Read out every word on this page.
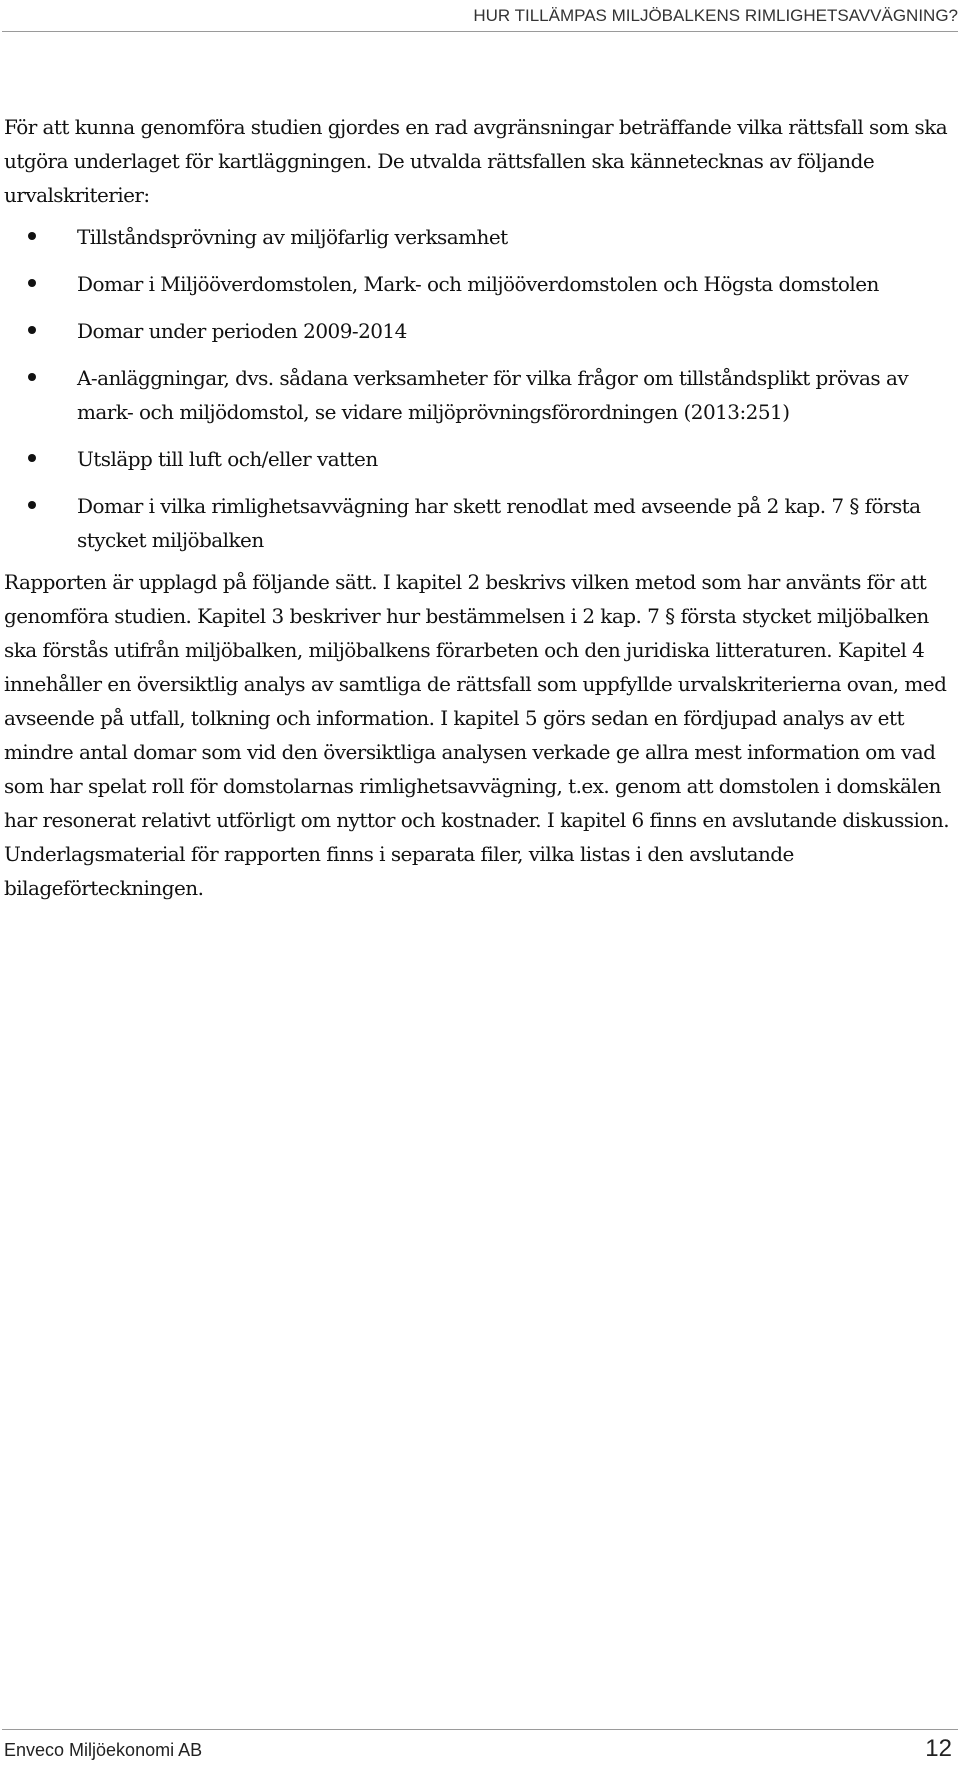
HUR TILLÄMPAS MILJÖBALKENS RIMLIGHETSAVVÄGNING?

För att kunna genomföra studien gjordes en rad avgränsningar beträffande vilka rättsfall som ska utgöra underlaget för kartläggningen. De utvalda rättsfallen ska kännetecknas av följande urvalskriterier:

Tillståndsprövning av miljöfarlig verksamhet
Domar i Miljööverdomstolen, Mark- och miljööverdomstolen och Högsta domstolen
Domar under perioden 2009-2014
A-anläggningar, dvs. sådana verksamheter för vilka frågor om tillståndsplikt prövas av mark- och miljödomstol, se vidare miljöprövningsförordningen (2013:251)
Utsläpp till luft och/eller vatten
Domar i vilka rimlighetsavvägning har skett renodlat med avseende på 2 kap. 7 § första stycket miljöbalken

Rapporten är upplagd på följande sätt. I kapitel 2 beskrivs vilken metod som har använts för att genomföra studien. Kapitel 3 beskriver hur bestämmelsen i 2 kap. 7 § första stycket miljöbalken ska förstås utifrån miljöbalken, miljöbalkens förarbeten och den juridiska litteraturen. Kapitel 4 innehåller en översiktlig analys av samtliga de rättsfall som uppfyllde urvalskriterierna ovan, med avseende på utfall, tolkning och information. I kapitel 5 görs sedan en fördjupad analys av ett mindre antal domar som vid den översiktliga analysen verkade ge allra mest information om vad som har spelat roll för domstolarnas rimlighetsavvägning, t.ex. genom att domstolen i domskälen har resonerat relativt utförligt om nyttor och kostnader. I kapitel 6 finns en avslutande diskussion. Underlagsmaterial för rapporten finns i separata filer, vilka listas i den avslutande bilageförteckningen.

Enveco Miljöekonomi AB	12
